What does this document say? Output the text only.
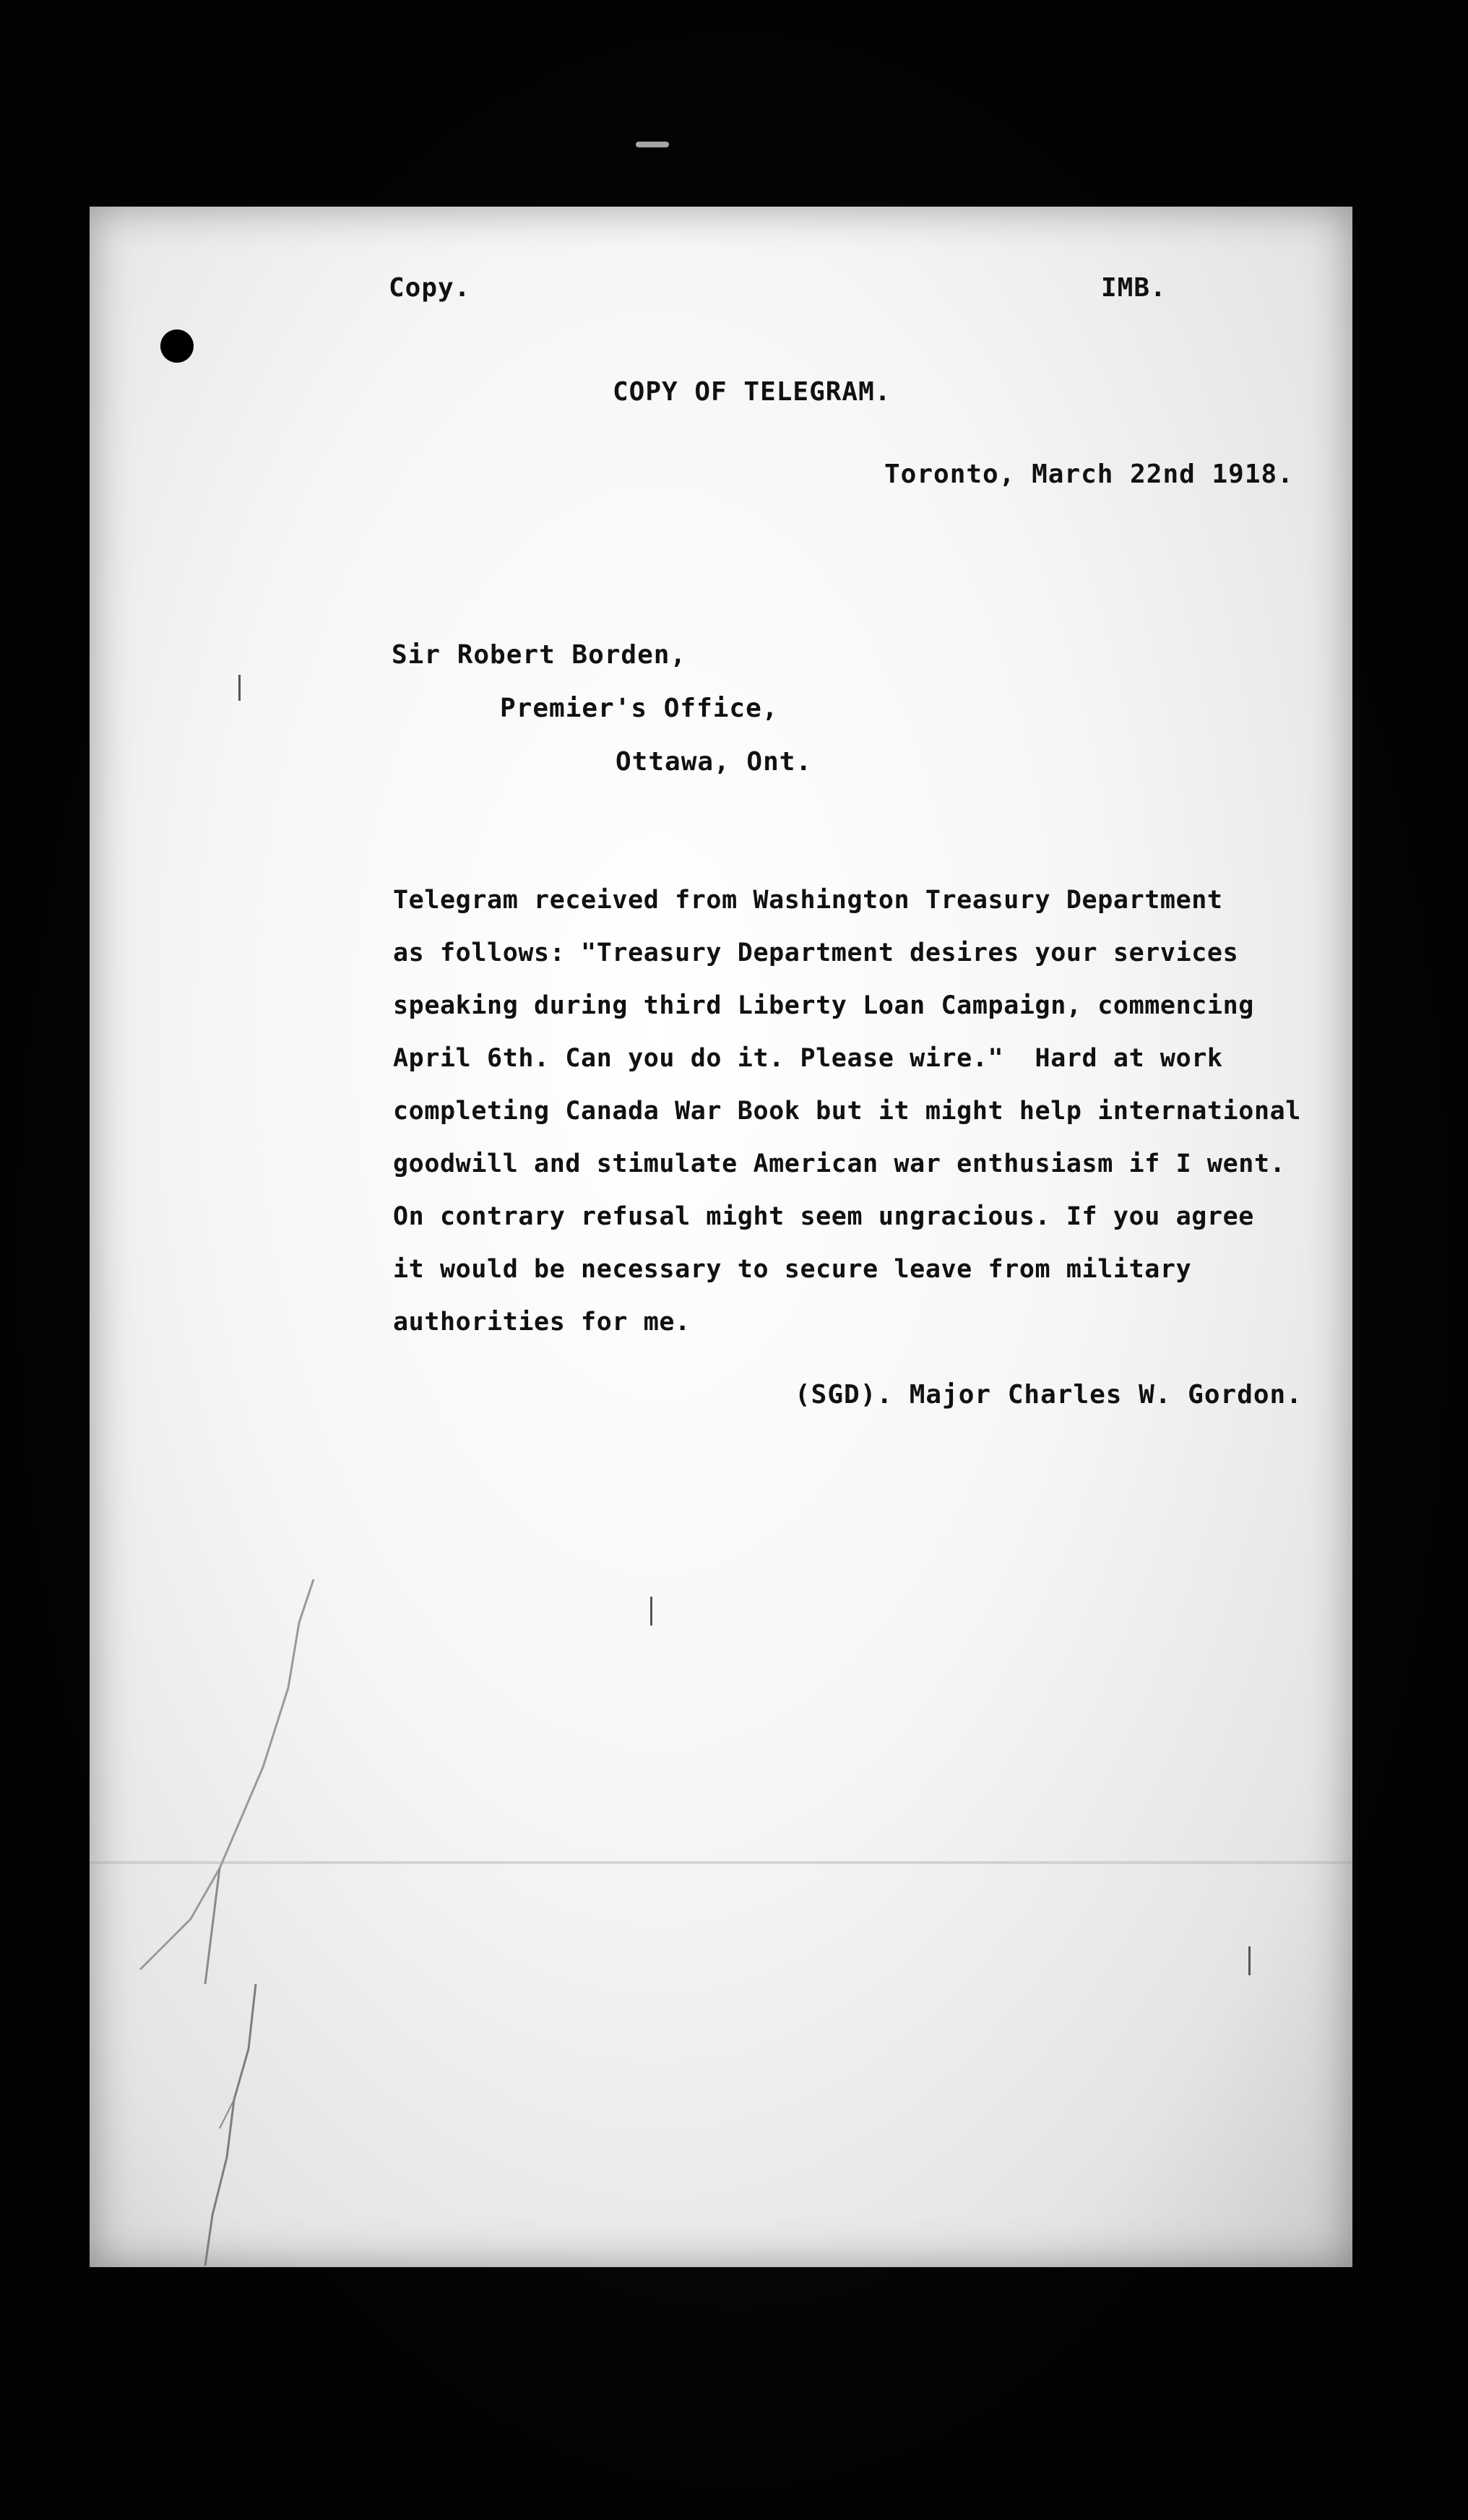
Copy.	IMB.

COPY OF TELEGRAM.

Toronto, March 22nd 1918.

Sir Robert Borden,

Premier's Office,

Ottawa, Ont.

Telegram received from Washington Treasury Department
as follows: "Treasury Department desires your services
speaking during third Liberty Loan Campaign, commencing
April 6th. Can you do it. Please wire."  Hard at work
completing Canada War Book but it might help international
goodwill and stimulate American war enthusiasm if I went.
On contrary refusal might seem ungracious. If you agree
it would be necessary to secure leave from military
authorities for me.

(SGD). Major Charles W. Gordon.
